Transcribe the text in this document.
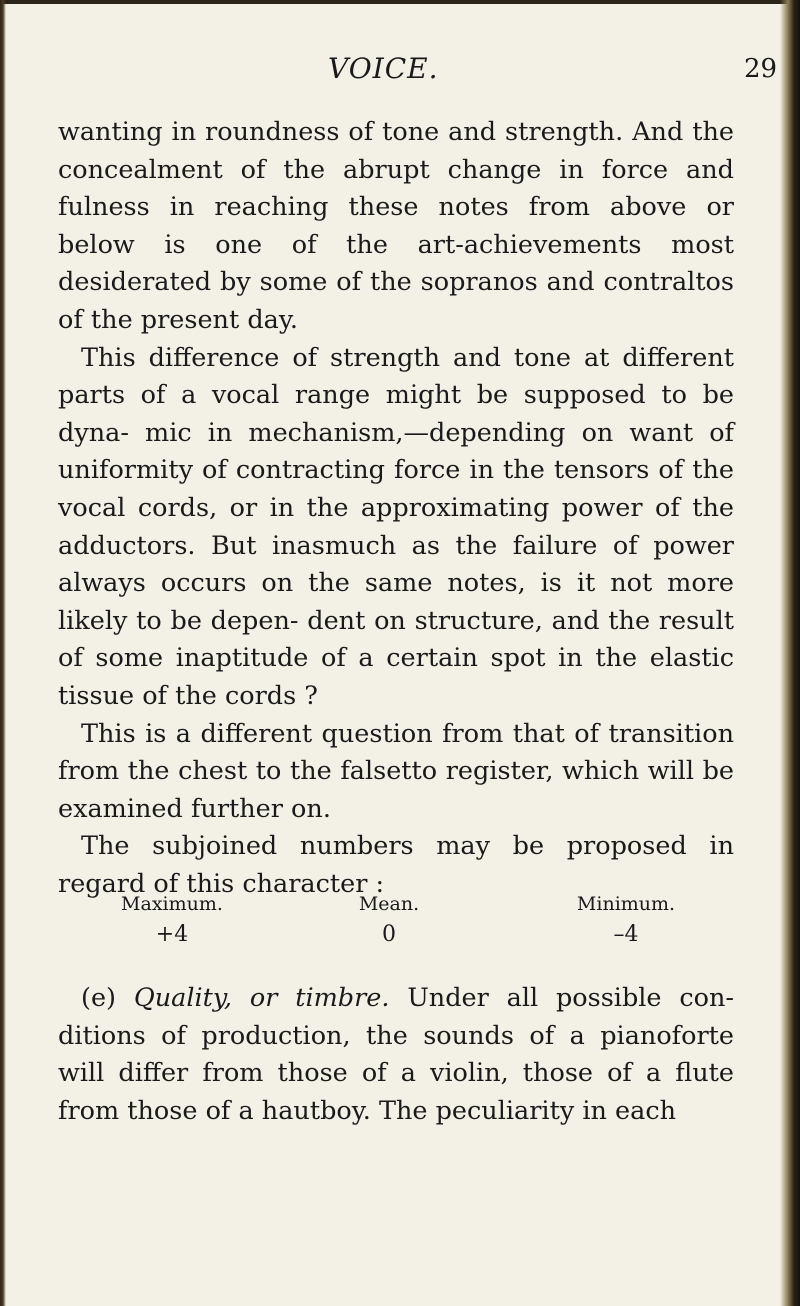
VOICE.	29

wanting in roundness of tone and strength. And the concealment of the abrupt change in force and fulness in reaching these notes from above or below is one of the art-achievements most desiderated by some of the sopranos and contraltos of the present day.

This difference of strength and tone at different parts of a vocal range might be supposed to be dyna- mic in mechanism,—depending on want of uniformity of contracting force in the tensors of the vocal cords, or in the approximating power of the adductors. But inasmuch as the failure of power always occurs on the same notes, is it not more likely to be depen- dent on structure, and the result of some inaptitude of a certain spot in the elastic tissue of the cords ?

This is a different question from that of transition from the chest to the falsetto register, which will be examined further on.

The subjoined numbers may be proposed in regard of this character :

Maximum.
+4
Mean.
0
Minimum.
–4

(e) Quality, or timbre. Under all possible con- ditions of production, the sounds of a pianoforte will differ from those of a violin, those of a flute from those of a hautboy. The peculiarity in each
